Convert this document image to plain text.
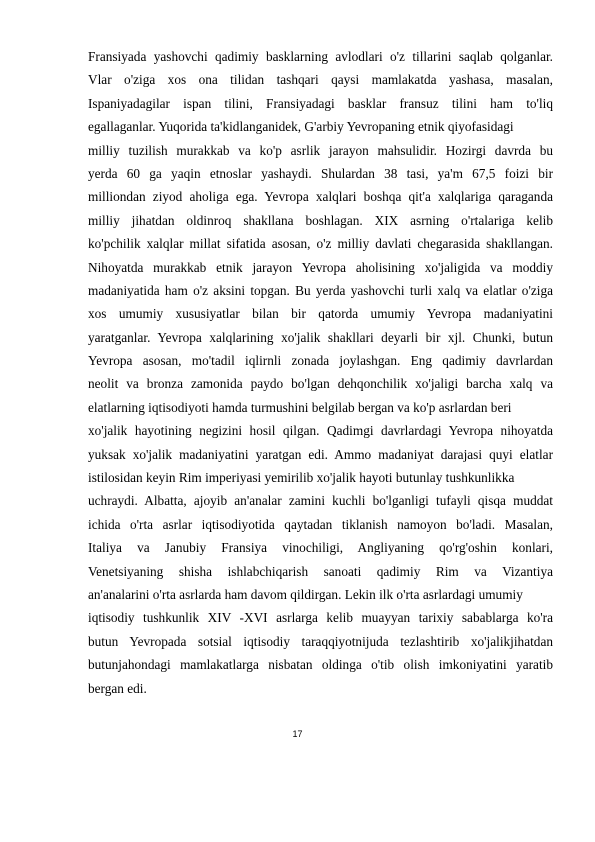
Fransiyada yashovchi qadimiy basklarning avlodlari o'z tillarini saqlab qolganlar.
Vlar o'ziga xos ona tilidan tashqari qaysi mamlakatda yashasa, masalan,
Ispaniyadagilar ispan tilini, Fransiyadagi basklar fransuz tilini ham to'liq
egallaganlar. Yuqorida ta'kidlanganidek, G'arbiy Yevropaning etnik qiyofasidagi
milliy tuzilish murakkab va ko'p asrlik jarayon mahsulidir. Hozirgi davrda bu
yerda 60 ga yaqin etnoslar yashaydi. Shulardan 38 tasi, ya'm 67,5 foizi bir
milliondan ziyod aholiga ega. Yevropa xalqlari boshqa qit'a xalqlariga qaraganda
milliy jihatdan oldinroq shakllana boshlagan. XIX asrning o'rtalariga kelib
ko'pchilik xalqlar millat sifatida asosan, o'z milliy davlati chegarasida shakllangan.
Nihoyatda murakkab etnik jarayon Yevropa aholisining xo'jaligida va moddiy
madaniyatida ham o'z aksini topgan. Bu yerda yashovchi turli xalq va elatlar o'ziga
xos umumiy xususiyatlar bilan bir qatorda umumiy Yevropa madaniyatini
yaratganlar. Yevropa xalqlarining xo'jalik shakllari deyarli bir xjl. Chunki, butun
Yevropa asosan, mo'tadil iqlirnli zonada joylashgan. Eng qadimiy davrlardan
neolit va bronza zamonida paydo bo'lgan dehqonchilik xo'jaligi barcha xalq va
elatlarning iqtisodiyoti hamda turmushini belgilab bergan va ko'p asrlardan beri
xo'jalik hayotining negizini hosil qilgan. Qadimgi davrlardagi Yevropa nihoyatda
yuksak xo'jalik madaniyatini yaratgan edi. Ammo madaniyat darajasi quyi elatlar
istilosidan keyin Rim imperiyasi yemirilib xo'jalik hayoti butunlay tushkunlikka
uchraydi. Albatta, ajoyib an'analar zamini kuchli bo'lganligi tufayli qisqa muddat
ichida o'rta asrlar iqtisodiyotida qaytadan tiklanish namoyon bo'ladi. Masalan,
Italiya va Janubiy Fransiya vinochiligi, Angliyaning qo'rg'oshin konlari,
Venetsiyaning shisha ishlabchiqarish sanoati qadimiy Rim va Vizantiya
an'analarini o'rta asrlarda ham davom qildirgan. Lekin ilk o'rta asrlardagi umumiy
iqtisodiy tushkunlik XIV -XVI asrlarga kelib muayyan tarixiy sabablarga ko'ra
butun Yevropada sotsial iqtisodiy taraqqiyotnijuda tezlashtirib xo'jalikjihatdan
butunjahondagi mamlakatlarga nisbatan oldinga o'tib olish imkoniyatini yaratib
bergan edi.
17
